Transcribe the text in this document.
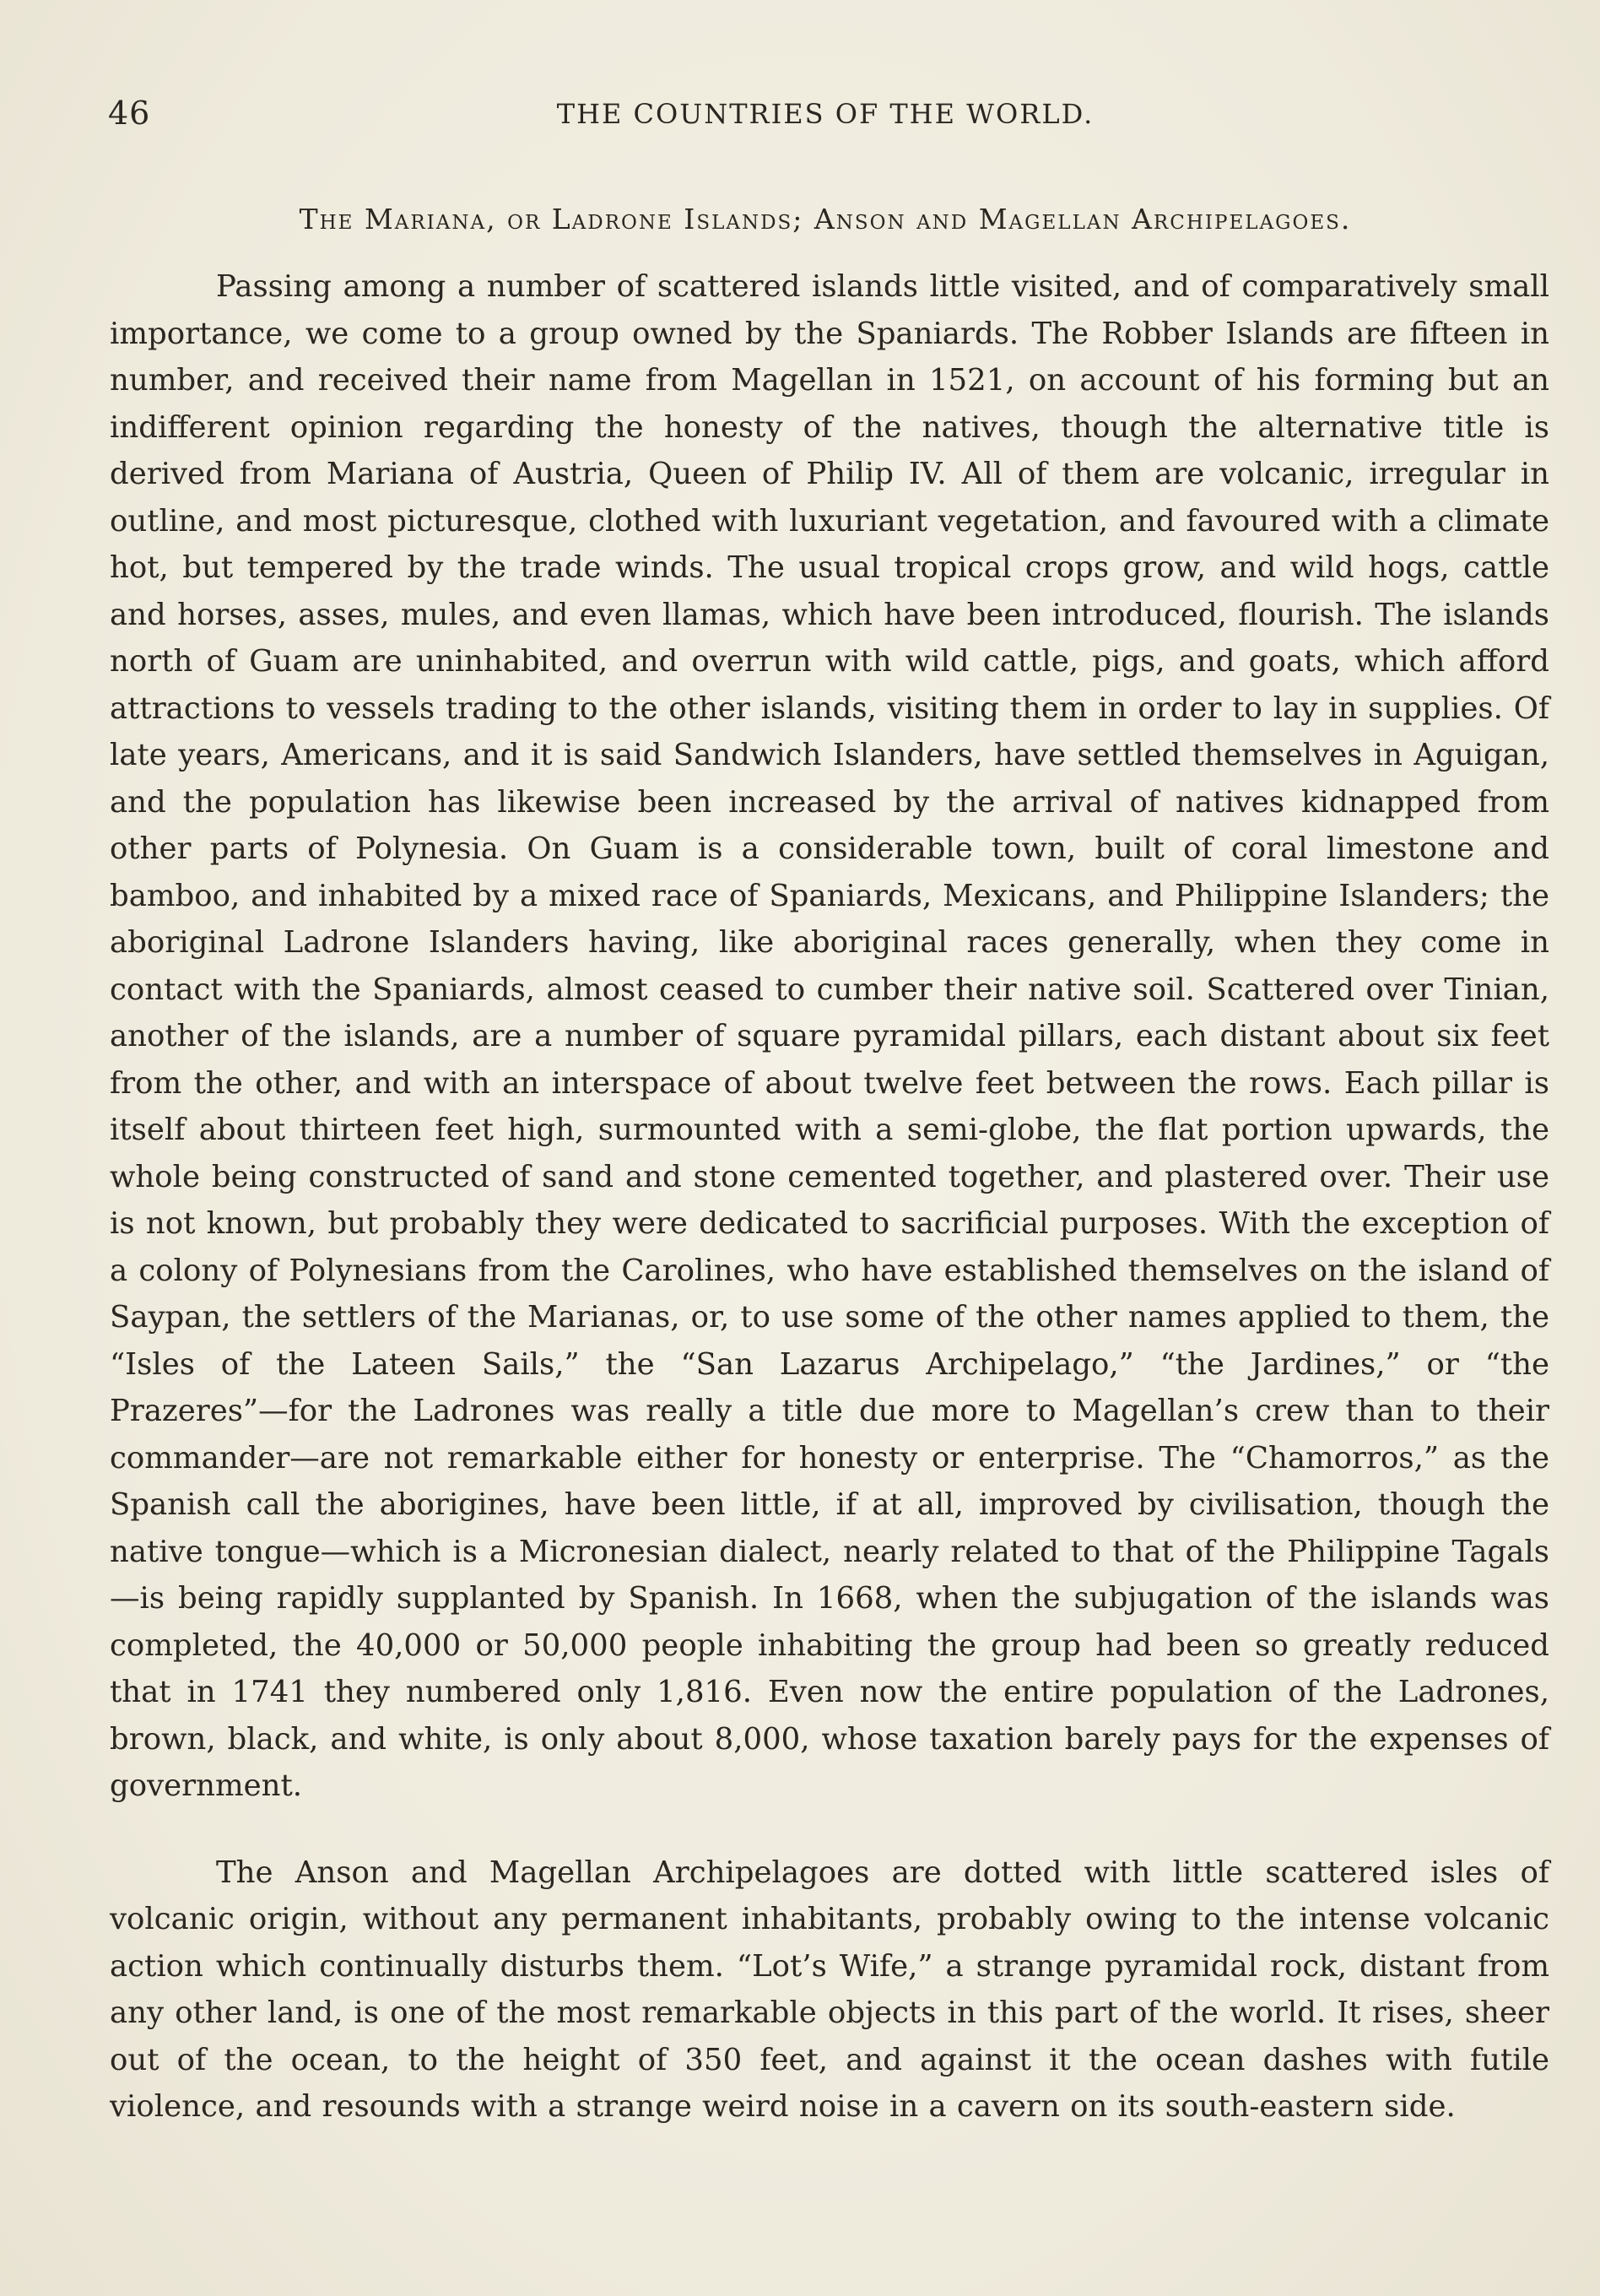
46	THE COUNTRIES OF THE WORLD.
The Mariana, or Ladrone Islands; Anson and Magellan Archipelagoes.

Passing among a number of scattered islands little visited, and of comparatively small importance, we come to a group owned by the Spaniards. The Robber Islands are fifteen in number, and received their name from Magellan in 1521, on account of his forming but an indifferent opinion regarding the honesty of the natives, though the alternative title is derived from Mariana of Austria, Queen of Philip IV. All of them are volcanic, irregular in outline, and most picturesque, clothed with luxuriant vegetation, and favoured with a climate hot, but tempered by the trade winds. The usual tropical crops grow, and wild hogs, cattle and horses, asses, mules, and even llamas, which have been introduced, flourish. The islands north of Guam are uninhabited, and overrun with wild cattle, pigs, and goats, which afford attractions to vessels trading to the other islands, visiting them in order to lay in supplies. Of late years, Americans, and it is said Sandwich Islanders, have settled themselves in Aguigan, and the population has likewise been increased by the arrival of natives kidnapped from other parts of Polynesia. On Guam is a considerable town, built of coral limestone and bamboo, and inhabited by a mixed race of Spaniards, Mexicans, and Philippine Islanders; the aboriginal Ladrone Islanders having, like aboriginal races generally, when they come in contact with the Spaniards, almost ceased to cumber their native soil. Scattered over Tinian, another of the islands, are a number of square pyramidal pillars, each distant about six feet from the other, and with an interspace of about twelve feet between the rows. Each pillar is itself about thirteen feet high, surmounted with a semi-globe, the flat portion upwards, the whole being constructed of sand and stone cemented together, and plastered over. Their use is not known, but probably they were dedicated to sacrificial purposes. With the exception of a colony of Polynesians from the Carolines, who have established themselves on the island of Saypan, the settlers of the Marianas, or, to use some of the other names applied to them, the “Isles of the Lateen Sails,” the “San Lazarus Archipelago,” “the Jardines,” or “the Prazeres”—for the Ladrones was really a title due more to Magellan’s crew than to their commander—are not remarkable either for honesty or enterprise. The “Chamorros,” as the Spanish call the aborigines, have been little, if at all, improved by civilisation, though the native tongue—which is a Micronesian dialect, nearly related to that of the Philippine Tagals—is being rapidly supplanted by Spanish. In 1668, when the subjugation of the islands was completed, the 40,000 or 50,000 people inhabiting the group had been so greatly reduced that in 1741 they numbered only 1,816. Even now the entire population of the Ladrones, brown, black, and white, is only about 8,000, whose taxation barely pays for the expenses of government.

The Anson and Magellan Archipelagoes are dotted with little scattered isles of volcanic origin, without any permanent inhabitants, probably owing to the intense volcanic action which continually disturbs them. “Lot’s Wife,” a strange pyramidal rock, distant from any other land, is one of the most remarkable objects in this part of the world. It rises, sheer out of the ocean, to the height of 350 feet, and against it the ocean dashes with futile violence, and resounds with a strange weird noise in a cavern on its south-eastern side.
